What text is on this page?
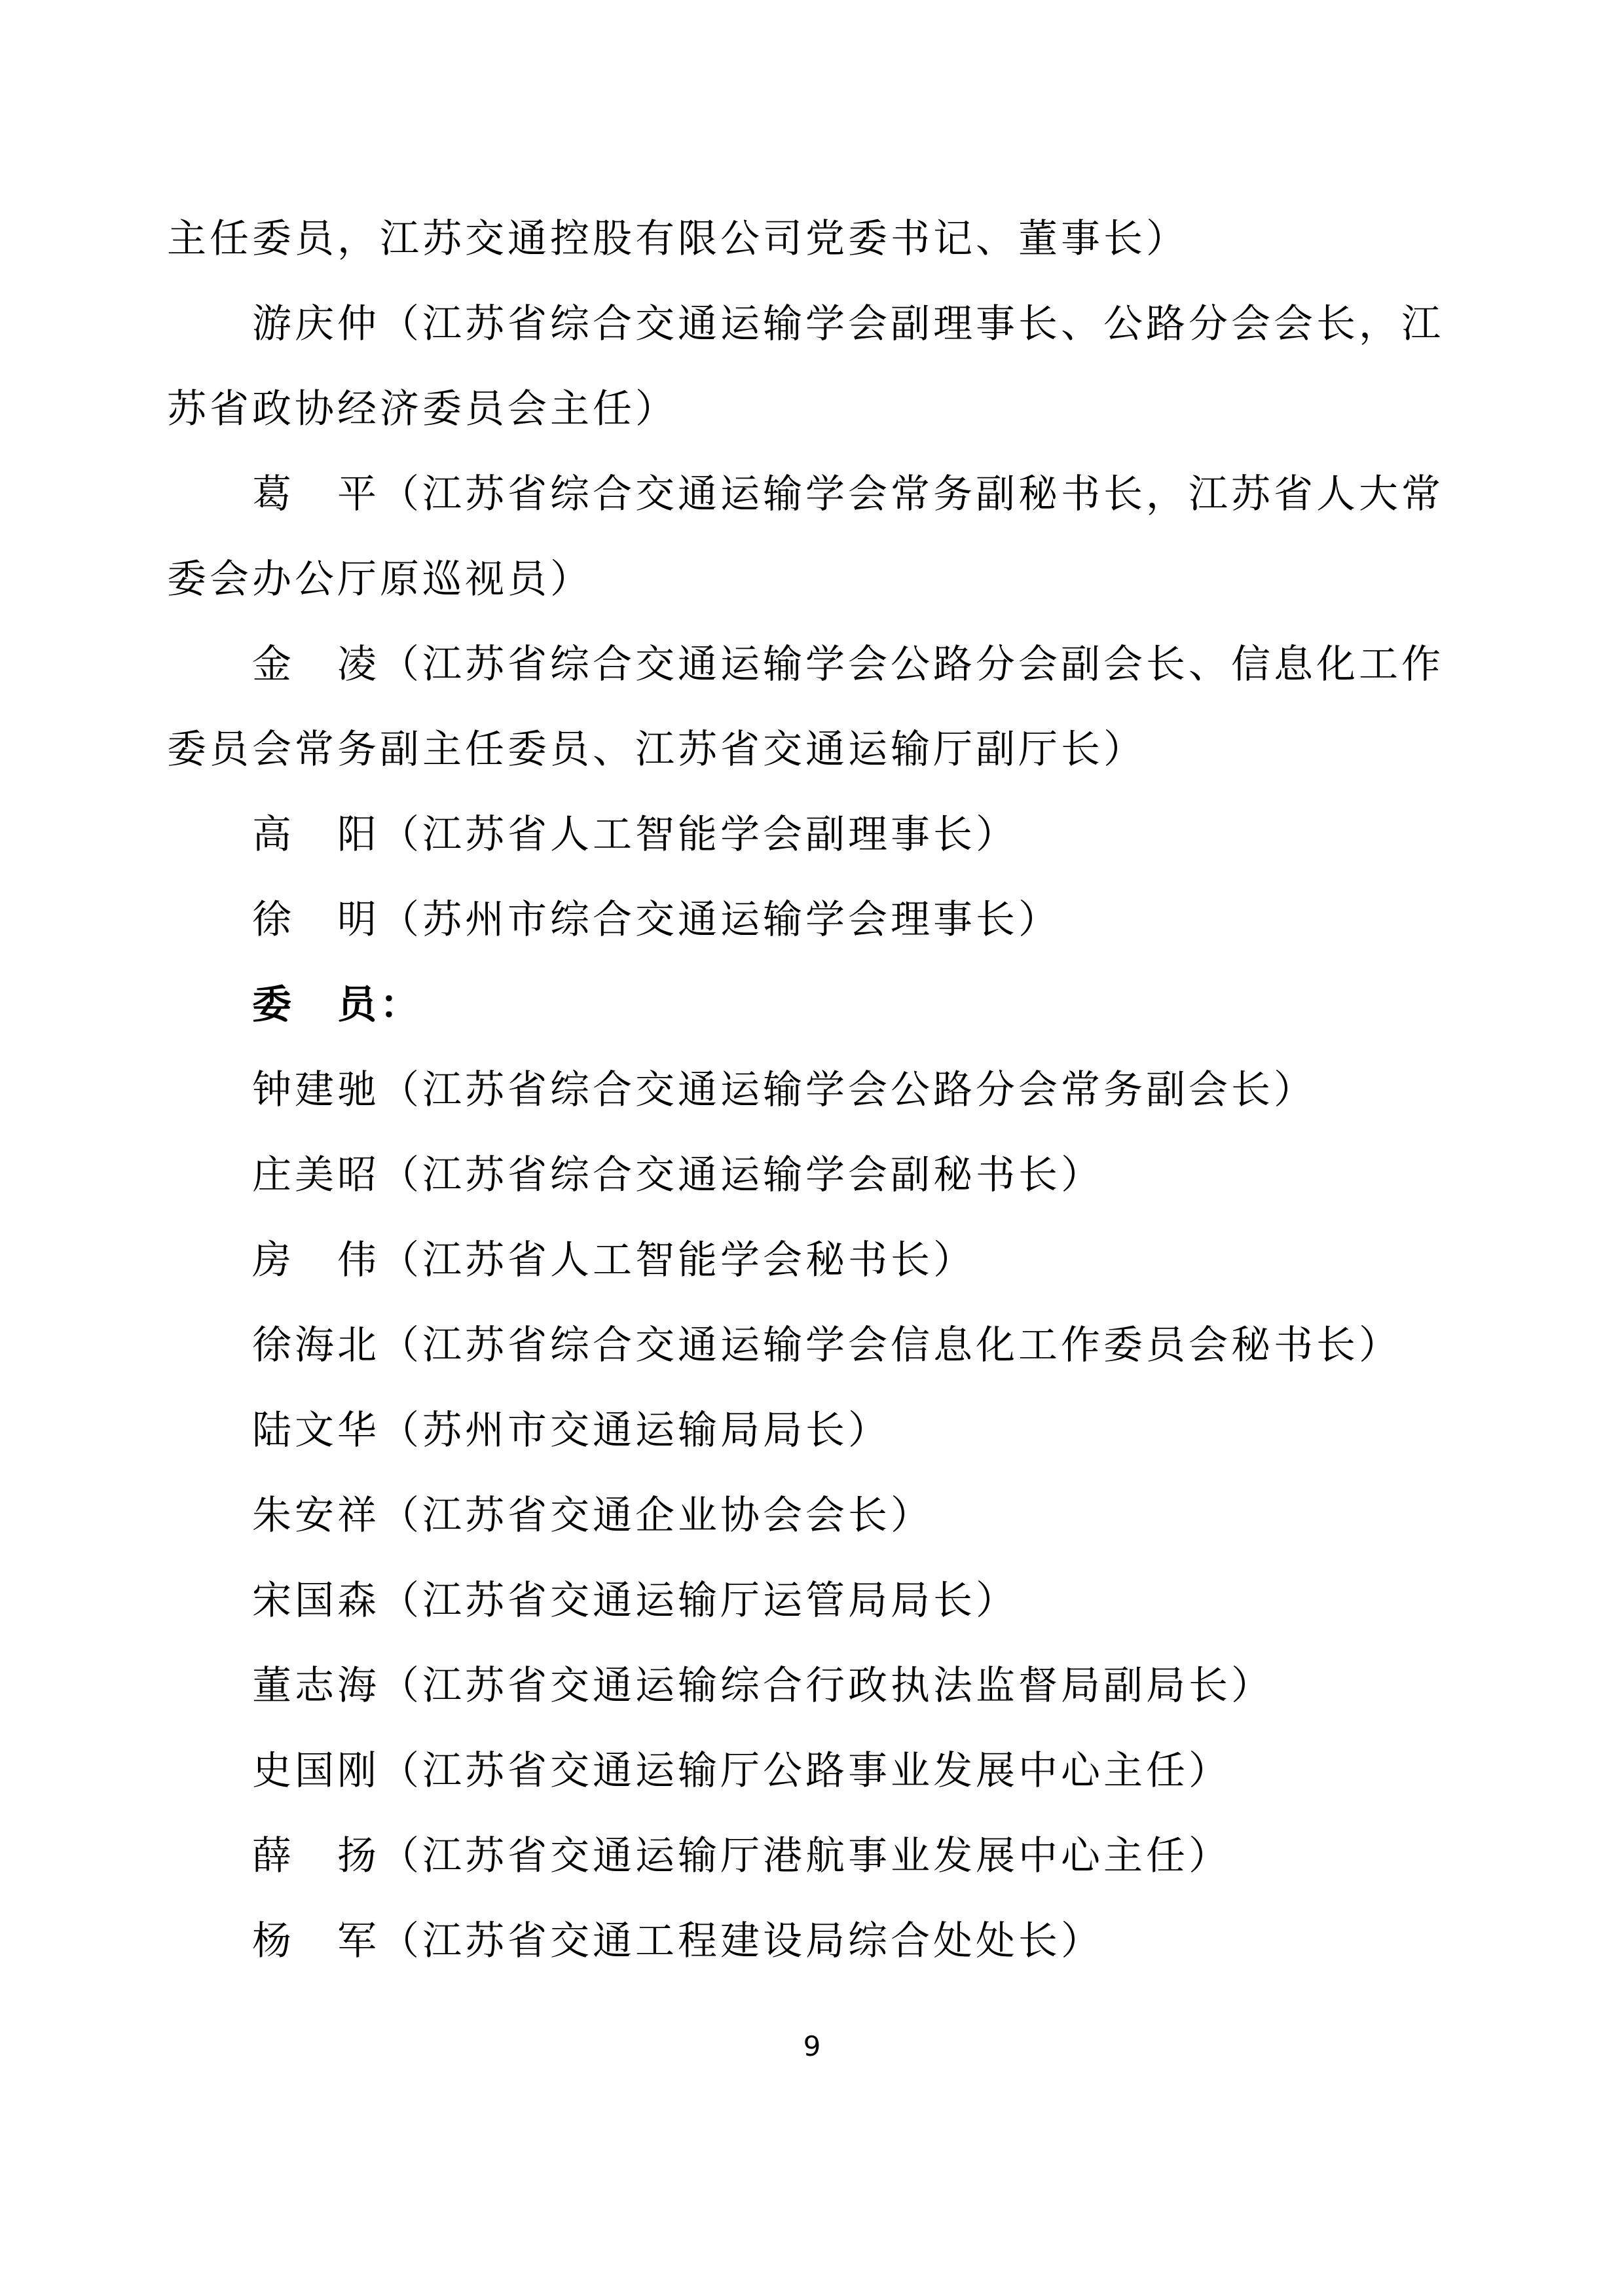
主任委员，江苏交通控股有限公司党委书记、董事长）
游庆仲（江苏省综合交通运输学会副理事长、公路分会会长，江
苏省政协经济委员会主任）
葛　平（江苏省综合交通运输学会常务副秘书长，江苏省人大常
委会办公厅原巡视员）
金　凌（江苏省综合交通运输学会公路分会副会长、信息化工作
委员会常务副主任委员、江苏省交通运输厅副厅长）
高　阳（江苏省人工智能学会副理事长）
徐　明（苏州市综合交通运输学会理事长）
委　员：
钟建驰（江苏省综合交通运输学会公路分会常务副会长）
庄美昭（江苏省综合交通运输学会副秘书长）
房　伟（江苏省人工智能学会秘书长）
徐海北（江苏省综合交通运输学会信息化工作委员会秘书长）
陆文华（苏州市交通运输局局长）
朱安祥（江苏省交通企业协会会长）
宋国森（江苏省交通运输厅运管局局长）
董志海（江苏省交通运输综合行政执法监督局副局长）
史国刚（江苏省交通运输厅公路事业发展中心主任）
薛　扬（江苏省交通运输厅港航事业发展中心主任）
杨　军（江苏省交通工程建设局综合处处长）
9
